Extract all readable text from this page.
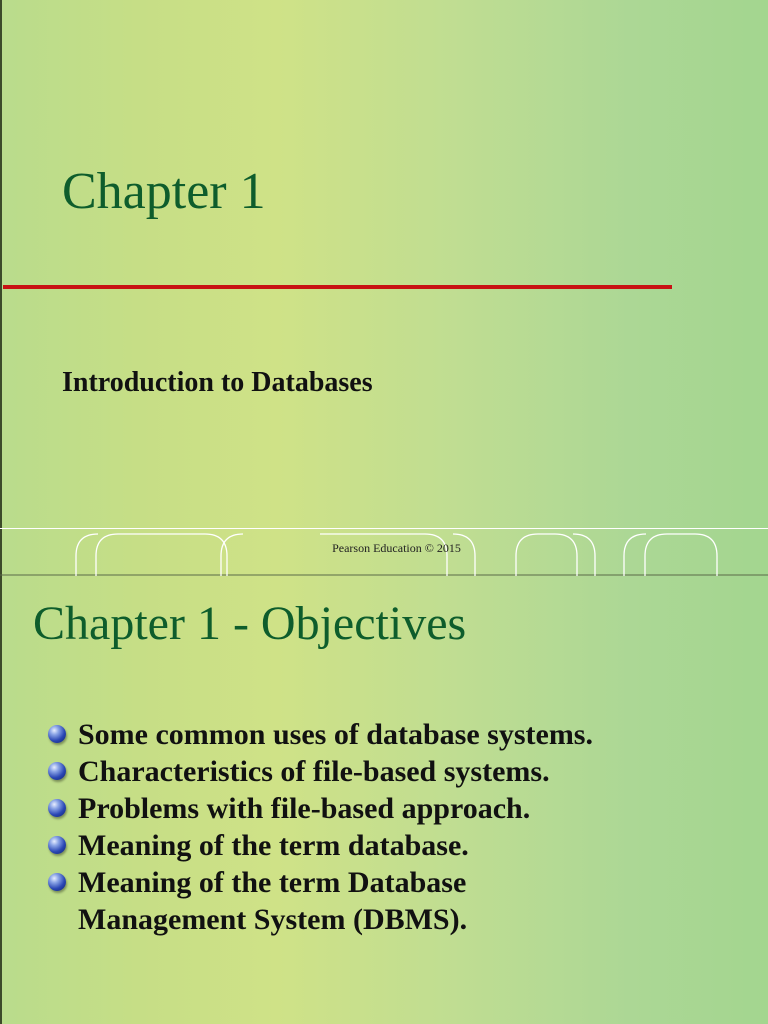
Chapter 1
Introduction to Databases
Pearson Education © 2015
Chapter 1 - Objectives
Some common uses of database systems.
Characteristics of file-based systems.
Problems with file-based approach.
Meaning of the term database.
Meaning of the term Database
Management System (DBMS).
